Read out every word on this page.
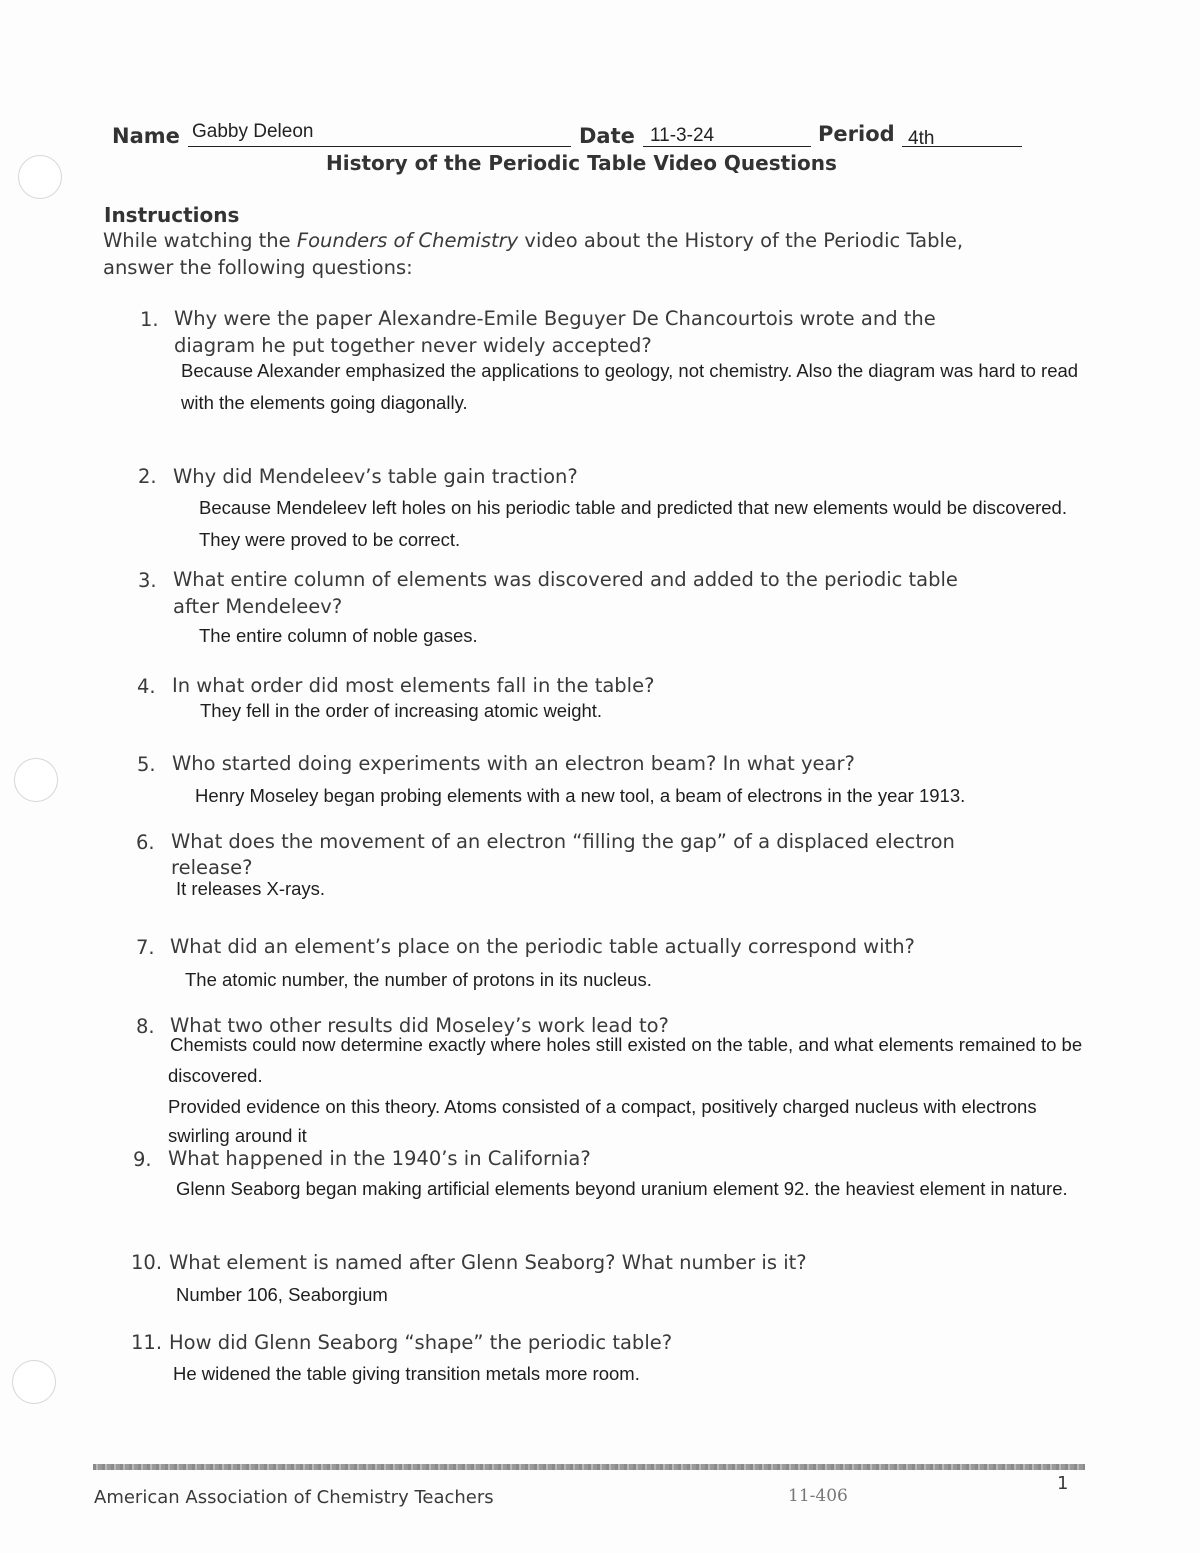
Name Gabby Deleon	Date 11-3-24	Period 4th
History of the Periodic Table Video Questions
Instructions
While watching the Founders of Chemistry video about the History of the Periodic Table,
answer the following questions:
1. Why were the paper Alexandre-Emile Beguyer De Chancourtois wrote and the
diagram he put together never widely accepted?
Because Alexander emphasized the applications to geology, not chemistry. Also the diagram was hard to read
with the elements going diagonally.
2. Why did Mendeleev’s table gain traction?
Because Mendeleev left holes on his periodic table and predicted that new elements would be discovered.
They were proved to be correct.
3. What entire column of elements was discovered and added to the periodic table
after Mendeleev?
The entire column of noble gases.
4. In what order did most elements fall in the table?
They fell in the order of increasing atomic weight.
5. Who started doing experiments with an electron beam? In what year?
Henry Moseley began probing elements with a new tool, a beam of electrons in the year 1913.
6. What does the movement of an electron “filling the gap” of a displaced electron
release?
It releases X-rays.
7. What did an element’s place on the periodic table actually correspond with?
The atomic number, the number of protons in its nucleus.
8. What two other results did Moseley’s work lead to?
Chemists could now determine exactly where holes still existed on the table, and what elements remained to be
discovered.
Provided evidence on this theory. Atoms consisted of a compact, positively charged nucleus with electrons
swirling around it
9. What happened in the 1940’s in California?
Glenn Seaborg began making artificial elements beyond uranium element 92. the heaviest element in nature.
10. What element is named after Glenn Seaborg? What number is it?
Number 106, Seaborgium
11. How did Glenn Seaborg “shape” the periodic table?
He widened the table giving transition metals more room.
American Association of Chemistry Teachers	11-406
1
